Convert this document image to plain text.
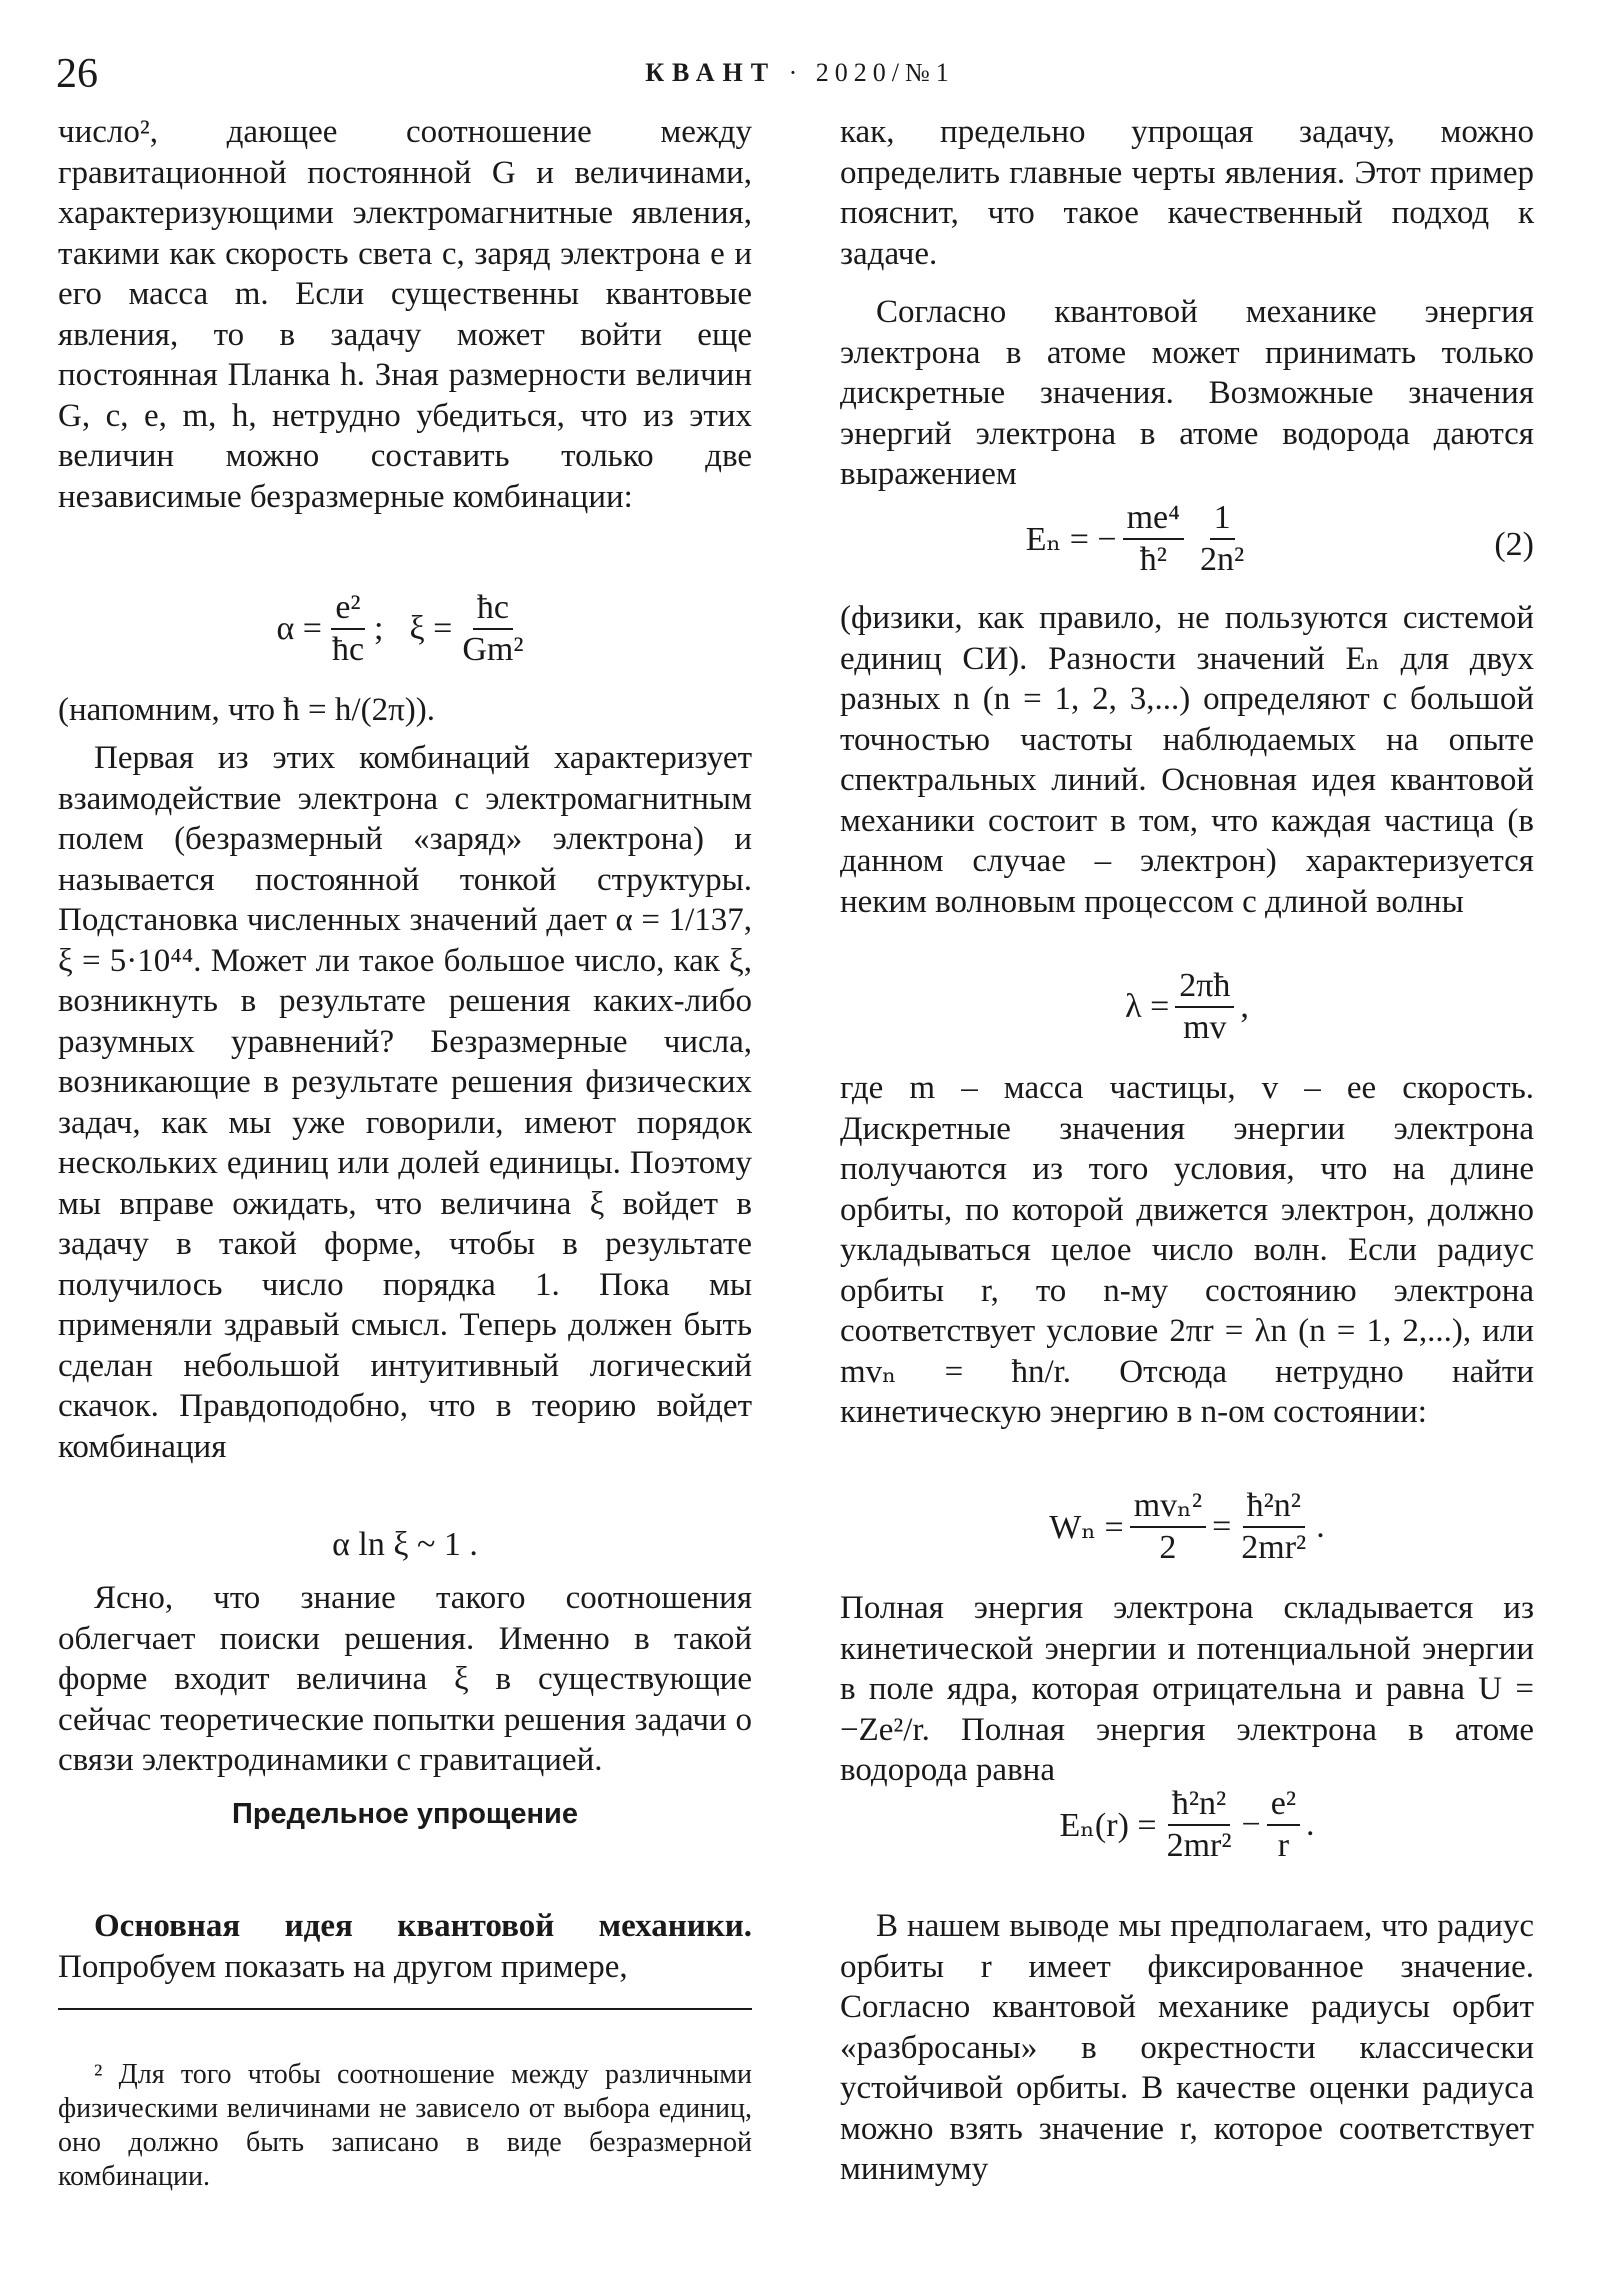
26	КВАНТ · 2020/№1
число², дающее соотношение между гравитационной постоянной G и величинами, характеризующими электромагнитные явления, такими как скорость света c, заряд электрона e и его масса m. Если существенны квантовые явления, то в задачу может войти еще постоянная Планка h. Зная размерности величин G, c, e, m, h, нетрудно убедиться, что из этих величин можно составить только две независимые безразмерные комбинации:
$\alpha = \frac{\text{e²}}{ħc}$ ; $\xi = \frac{ħc}{\text{Gm²}}$
(напомним, что ħ = h/(2π)).
Первая из этих комбинаций характеризует взаимодействие электрона с электромагнитным полем (безразмерный «заряд» электрона) и называется постоянной тонкой структуры. Подстановка численных значений дает α = 1/137, ξ = 5·10⁴⁴. Может ли такое большое число, как ξ, возникнуть в результате решения каких-либо разумных уравнений? Безразмерные числа, возникающие в результате решения физических задач, как мы уже говорили, имеют порядок нескольких единиц или долей единицы. Поэтому мы вправе ожидать, что величина ξ войдет в задачу в такой форме, чтобы в результате получилось число порядка 1. Пока мы применяли здравый смысл. Теперь должен быть сделан небольшой интуитивный логический скачок. Правдоподобно, что в теорию войдет комбинация
α ln ξ ~ 1 .
Ясно, что знание такого соотношения облегчает поиски решения. Именно в такой форме входит величина ξ в существующие сейчас теоретические попытки решения задачи о связи электродинамики с гравитацией.
Предельное упрощение
Основная идея квантовой механики. Попробуем показать на другом примере,
² Для того чтобы соотношение между различными физическими величинами не зависело от выбора единиц, оно должно быть записано в виде безразмерной комбинации.
как, предельно упрощая задачу, можно определить главные черты явления. Этот пример пояснит, что такое качественный подход к задаче.
Согласно квантовой механике энергия электрона в атоме может принимать только дискретные значения. Возможные значения энергий электрона в атоме водорода даются выражением
Eₙ = − $\frac{\text{me⁴}}{\text{ħ²}} \frac{1}{\text{2n²}}$	(2)
(физики, как правило, не пользуются системой единиц СИ). Разности значений Eₙ для двух разных n (n = 1, 2, 3,...) определяют с большой точностью частоты наблюдаемых на опыте спектральных линий. Основная идея квантовой механики состоит в том, что каждая частица (в данном случае – электрон) характеризуется неким волновым процессом с длиной волны
$\lambda = \frac{2\pi ħ}{mv}$ ,
где m – масса частицы, v – ее скорость. Дискретные значения энергии электрона получаются из того условия, что на длине орбиты, по которой движется электрон, должно укладываться целое число волн. Если радиус орбиты r, то n-му состоянию электрона соответствует условие 2πr = λn (n = 1, 2,...), или mvₙ = ħn/r. Отсюда нетрудно найти кинетическую энергию в n-ом состоянии:
$W_n = \frac{\text{mvₙ²}}{2} = \frac{\text{ħ²n²}}{\text{2mr²}}$ .
Полная энергия электрона складывается из кинетической энергии и потенциальной энергии в поле ядра, которая отрицательна и равна U = −Ze²/r. Полная энергия электрона в атоме водорода равна
$E_n(r) = \frac{\text{ħ²n²}}{\text{2mr²}} - \frac{\text{e²}}{r}$ .
В нашем выводе мы предполагаем, что радиус орбиты r имеет фиксированное значение. Согласно квантовой механике радиусы орбит «разбросаны» в окрестности классически устойчивой орбиты. В качестве оценки радиуса можно взять значение r, которое соответствует минимуму
